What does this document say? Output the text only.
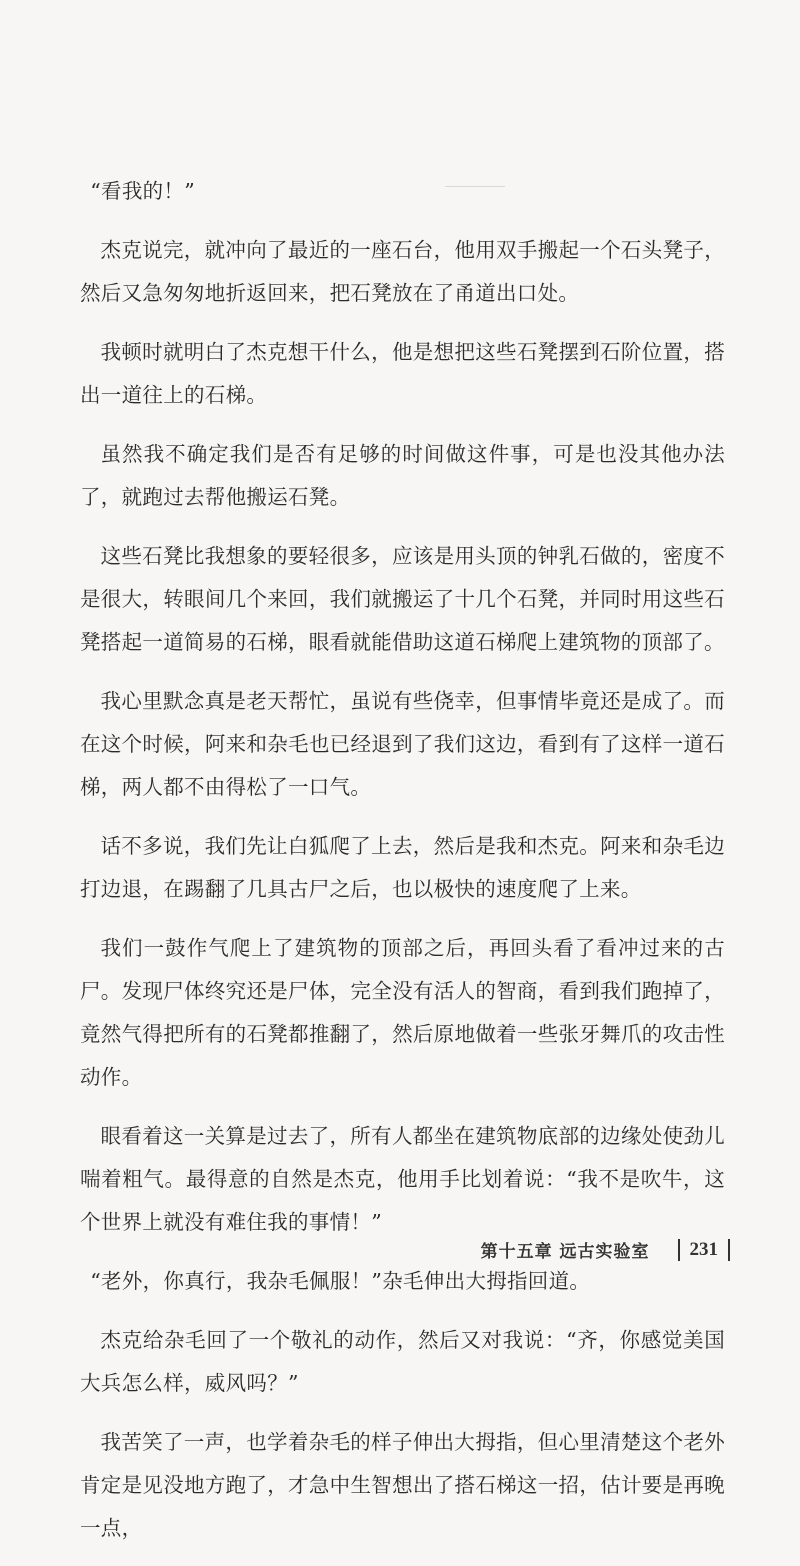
“看我的！”

杰克说完，就冲向了最近的一座石台，他用双手搬起一个石头凳子，然后又急匆匆地折返回来，把石凳放在了甬道出口处。

我顿时就明白了杰克想干什么，他是想把这些石凳摆到石阶位置，搭出一道往上的石梯。

虽然我不确定我们是否有足够的时间做这件事，可是也没其他办法了，就跑过去帮他搬运石凳。

这些石凳比我想象的要轻很多，应该是用头顶的钟乳石做的，密度不是很大，转眼间几个来回，我们就搬运了十几个石凳，并同时用这些石凳搭起一道简易的石梯，眼看就能借助这道石梯爬上建筑物的顶部了。

我心里默念真是老天帮忙，虽说有些侥幸，但事情毕竟还是成了。而在这个时候，阿来和杂毛也已经退到了我们这边，看到有了这样一道石梯，两人都不由得松了一口气。

话不多说，我们先让白狐爬了上去，然后是我和杰克。阿来和杂毛边打边退，在踢翻了几具古尸之后，也以极快的速度爬了上来。

我们一鼓作气爬上了建筑物的顶部之后，再回头看了看冲过来的古尸。发现尸体终究还是尸体，完全没有活人的智商，看到我们跑掉了，竟然气得把所有的石凳都推翻了，然后原地做着一些张牙舞爪的攻击性动作。

眼看着这一关算是过去了，所有人都坐在建筑物底部的边缘处使劲儿喘着粗气。最得意的自然是杰克，他用手比划着说：“我不是吹牛，这个世界上就没有难住我的事情！”

“老外，你真行，我杂毛佩服！”杂毛伸出大拇指回道。

杰克给杂毛回了一个敬礼的动作，然后又对我说：“齐，你感觉美国大兵怎么样，威风吗？”

我苦笑了一声，也学着杂毛的样子伸出大拇指，但心里清楚这个老外肯定是见没地方跑了，才急中生智想出了搭石梯这一招，估计要是再晚一点，

第十五章 远古实验室 231
